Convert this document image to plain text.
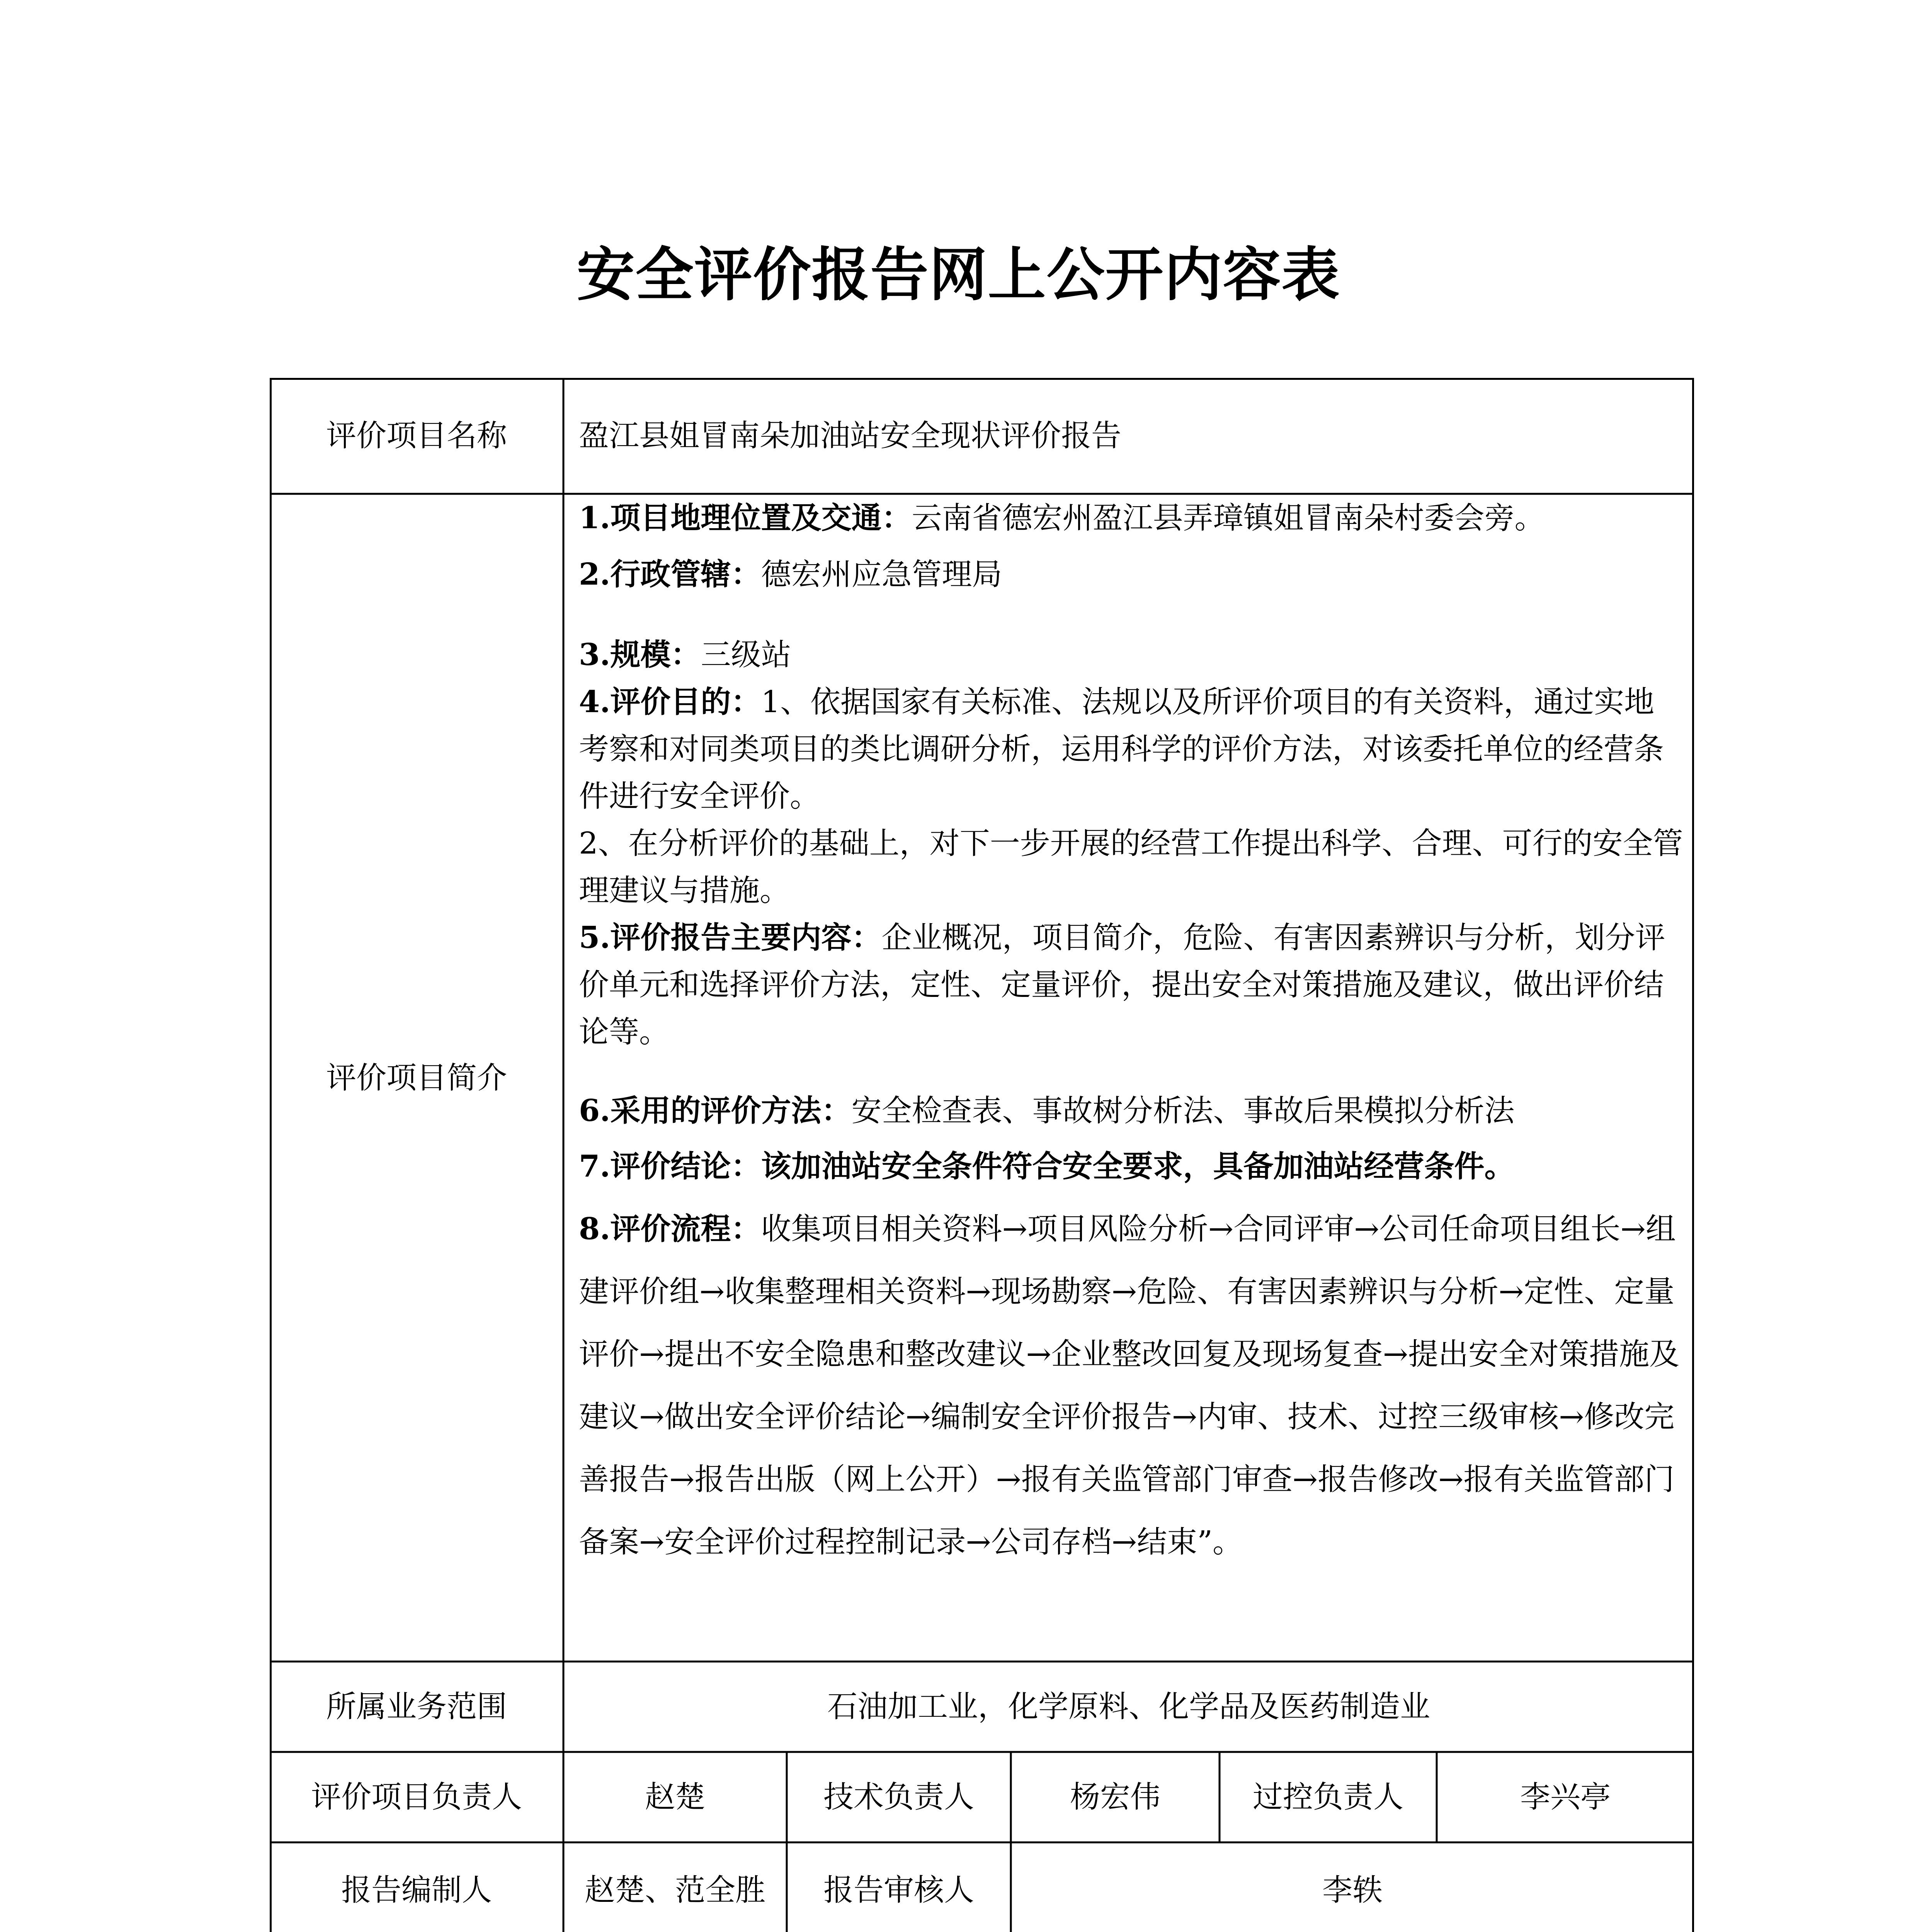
安全评价报告网上公开内容表
评价项目名称	盈江县姐冒南朵加油站安全现状评价报告
评价项目简介
1.项目地理位置及交通：云南省德宏州盈江县弄璋镇姐冒南朵村委会旁。
2.行政管辖：德宏州应急管理局
3.规模：三级站
4.评价目的：1、依据国家有关标准、法规以及所评价项目的有关资料，通过实地考察和对同类项目的类比调研分析，运用科学的评价方法，对该委托单位的经营条件进行安全评价。
2、在分析评价的基础上，对下一步开展的经营工作提出科学、合理、可行的安全管理建议与措施。
5.评价报告主要内容：企业概况，项目简介，危险、有害因素辨识与分析，划分评价单元和选择评价方法，定性、定量评价，提出安全对策措施及建议，做出评价结论等。
6.采用的评价方法：安全检查表、事故树分析法、事故后果模拟分析法
7.评价结论：该加油站安全条件符合安全要求，具备加油站经营条件。
8.评价流程：收集项目相关资料→项目风险分析→合同评审→公司任命项目组长→组建评价组→收集整理相关资料→现场勘察→危险、有害因素辨识与分析→定性、定量评价→提出不安全隐患和整改建议→企业整改回复及现场复查→提出安全对策措施及建议→做出安全评价结论→编制安全评价报告→内审、技术、过控三级审核→修改完善报告→报告出版（网上公开）→报有关监管部门审查→报告修改→报有关监管部门备案→安全评价过程控制记录→公司存档→结束”。
所属业务范围	石油加工业，化学原料、化学品及医药制造业
评价项目负责人	赵楚	技术负责人	杨宏伟	过控负责人	李兴亭
报告编制人	赵楚、范全胜	报告审核人	李轶
